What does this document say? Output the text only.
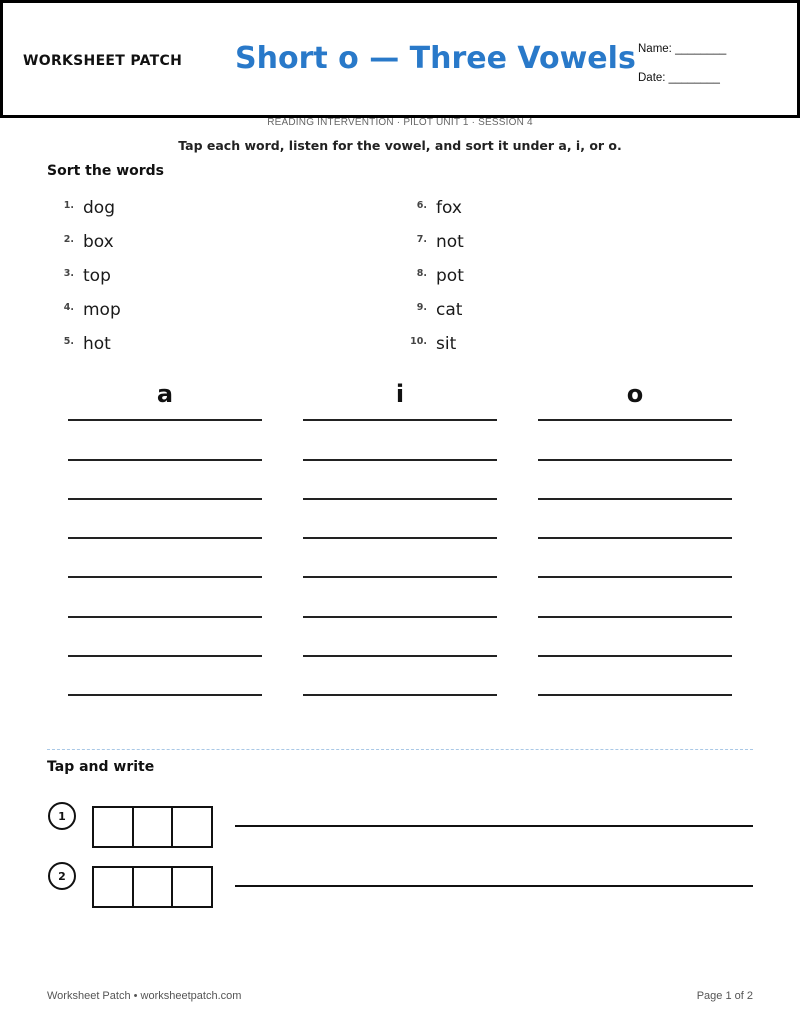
WORKSHEET PATCH Short o — Three Vowels Name: ________
Date: ________
READING INTERVENTION · PILOT UNIT 1 · SESSION 4
Tap each word, listen for the vowel, and sort it under a, i, or o.
Sort the words
1. dog
2. box
3. top
4. mop
5. hot
6. fox
7. not
8. pot
9. cat
10. sit
a	i	o
Tap and write
1
2
Worksheet Patch • worksheetpatch.com	Page 1 of 2
